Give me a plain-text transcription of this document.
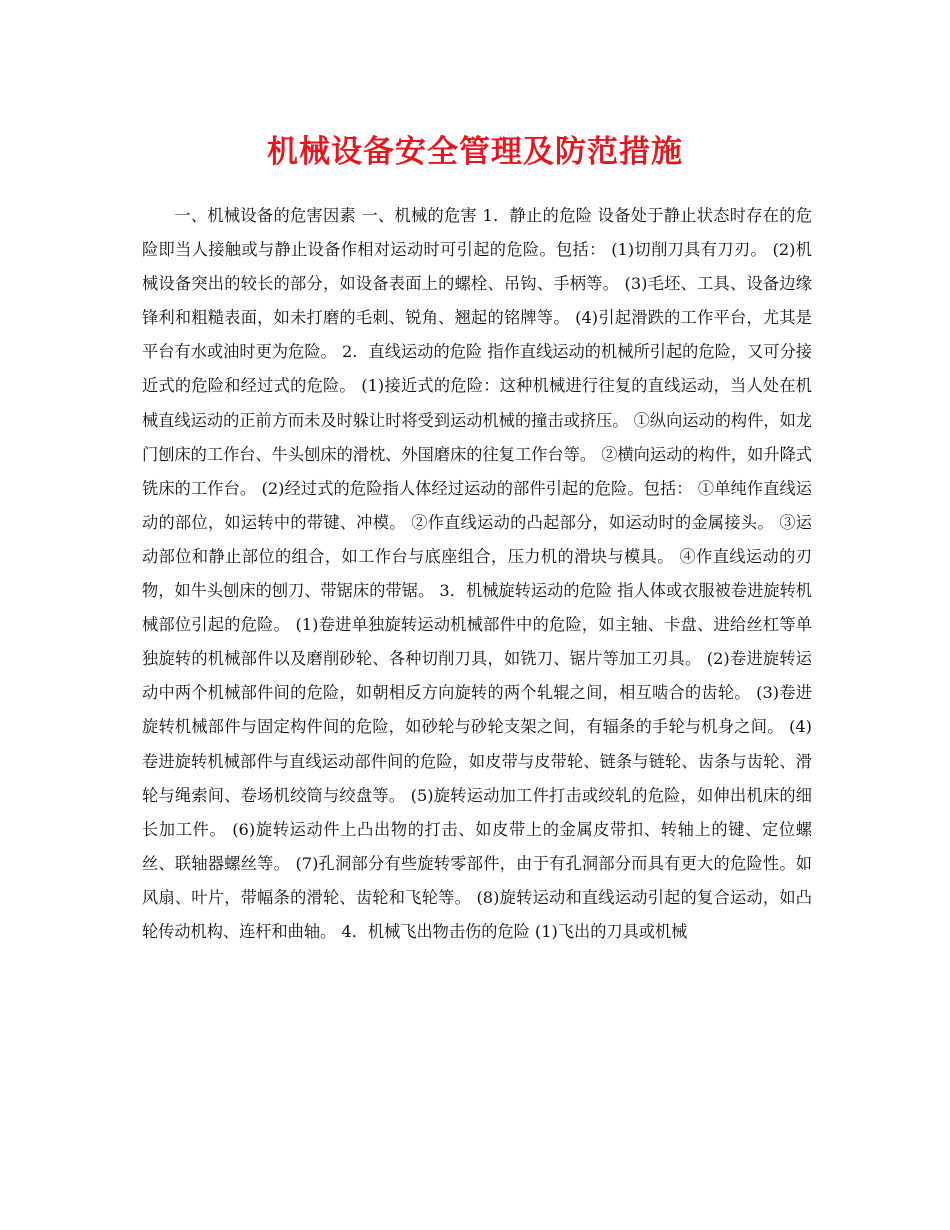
机械设备安全管理及防范措施

一、机械设备的危害因素 一、机械的危害 1．静止的危险 设备处于静止状态时存在的危险即当人接触或与静止设备作相对运动时可引起的危险。包括： (1)切削刀具有刀刃。 (2)机械设备突出的较长的部分，如设备表面上的螺栓、吊钩、手柄等。 (3)毛坯、工具、设备边缘锋利和粗糙表面，如未打磨的毛刺、锐角、翘起的铭牌等。 (4)引起滑跌的工作平台，尤其是平台有水或油时更为危险。 2．直线运动的危险 指作直线运动的机械所引起的危险，又可分接近式的危险和经过式的危险。 (1)接近式的危险：这种机械进行往复的直线运动，当人处在机械直线运动的正前方而未及时躲让时将受到运动机械的撞击或挤压。 ①纵向运动的构件，如龙门刨床的工作台、牛头刨床的滑枕、外国磨床的往复工作台等。 ②横向运动的构件，如升降式铣床的工作台。 (2)经过式的危险指人体经过运动的部件引起的危险。包括： ①单纯作直线运动的部位，如运转中的带键、冲模。 ②作直线运动的凸起部分，如运动时的金属接头。 ③运动部位和静止部位的组合，如工作台与底座组合，压力机的滑块与模具。 ④作直线运动的刃物，如牛头刨床的刨刀、带锯床的带锯。 3．机械旋转运动的危险 指人体或衣服被卷进旋转机械部位引起的危险。 (1)卷进单独旋转运动机械部件中的危险，如主轴、卡盘、进给丝杠等单独旋转的机械部件以及磨削砂轮、各种切削刀具，如铣刀、锯片等加工刃具。 (2)卷进旋转运动中两个机械部件间的危险，如朝相反方向旋转的两个轧辊之间，相互啮合的齿轮。 (3)卷进旋转机械部件与固定构件间的危险，如砂轮与砂轮支架之间，有辐条的手轮与机身之间。 (4)卷进旋转机械部件与直线运动部件间的危险，如皮带与皮带轮、链条与链轮、齿条与齿轮、滑轮与绳索间、卷场机绞筒与绞盘等。 (5)旋转运动加工件打击或绞轧的危险，如伸出机床的细长加工件。 (6)旋转运动件上凸出物的打击、如皮带上的金属皮带扣、转轴上的键、定位螺丝、联轴器螺丝等。 (7)孔洞部分有些旋转零部件，由于有孔洞部分而具有更大的危险性。如风扇、叶片，带幅条的滑轮、齿轮和飞轮等。 (8)旋转运动和直线运动引起的复合运动，如凸轮传动机构、连杆和曲轴。 4．机械飞出物击伤的危险 (1)飞出的刀具或机械
